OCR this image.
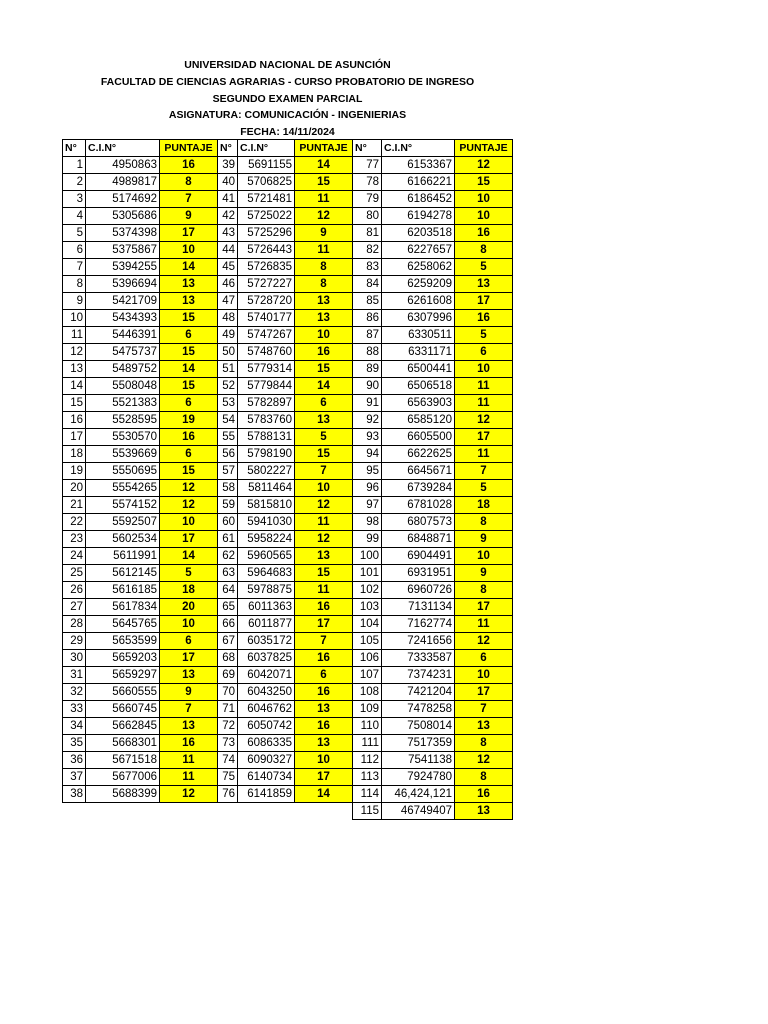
UNIVERSIDAD NACIONAL DE ASUNCIÓN
FACULTAD DE CIENCIAS AGRARIAS - CURSO PROBATORIO DE INGRESO
SEGUNDO EXAMEN PARCIAL
ASIGNATURA: COMUNICACIÓN - INGENIERIAS
FECHA: 14/11/2024
N°	C.I.N°	PUNTAJE
1	4950863	16
2	4989817	8
3	5174692	7
4	5305686	9
5	5374398	17
6	5375867	10
7	5394255	14
8	5396694	13
9	5421709	13
10	5434393	15
11	5446391	6
12	5475737	15
13	5489752	14
14	5508048	15
15	5521383	6
16	5528595	19
17	5530570	16
18	5539669	6
19	5550695	15
20	5554265	12
21	5574152	12
22	5592507	10
23	5602534	17
24	5611991	14
25	5612145	5
26	5616185	18
27	5617834	20
28	5645765	10
29	5653599	6
30	5659203	17
31	5659297	13
32	5660555	9
33	5660745	7
34	5662845	13
35	5668301	16
36	5671518	11
37	5677006	11
38	5688399	12
N°	C.I.N°	PUNTAJE
39	5691155	14
40	5706825	15
41	5721481	11
42	5725022	12
43	5725296	9
44	5726443	11
45	5726835	8
46	5727227	8
47	5728720	13
48	5740177	13
49	5747267	10
50	5748760	16
51	5779314	15
52	5779844	14
53	5782897	6
54	5783760	13
55	5788131	5
56	5798190	15
57	5802227	7
58	5811464	10
59	5815810	12
60	5941030	11
61	5958224	12
62	5960565	13
63	5964683	15
64	5978875	11
65	6011363	16
66	6011877	17
67	6035172	7
68	6037825	16
69	6042071	6
70	6043250	16
71	6046762	13
72	6050742	16
73	6086335	13
74	6090327	10
75	6140734	17
76	6141859	14
N°	C.I.N°	PUNTAJE
77	6153367	12
78	6166221	15
79	6186452	10
80	6194278	10
81	6203518	16
82	6227657	8
83	6258062	5
84	6259209	13
85	6261608	17
86	6307996	16
87	6330511	5
88	6331171	6
89	6500441	10
90	6506518	11
91	6563903	11
92	6585120	12
93	6605500	17
94	6622625	11
95	6645671	7
96	6739284	5
97	6781028	18
98	6807573	8
99	6848871	9
100	6904491	10
101	6931951	9
102	6960726	8
103	7131134	17
104	7162774	11
105	7241656	12
106	7333587	6
107	7374231	10
108	7421204	17
109	7478258	7
110	7508014	13
111	7517359	8
112	7541138	12
113	7924780	8
114	46,424,121	16
115	46749407	13
